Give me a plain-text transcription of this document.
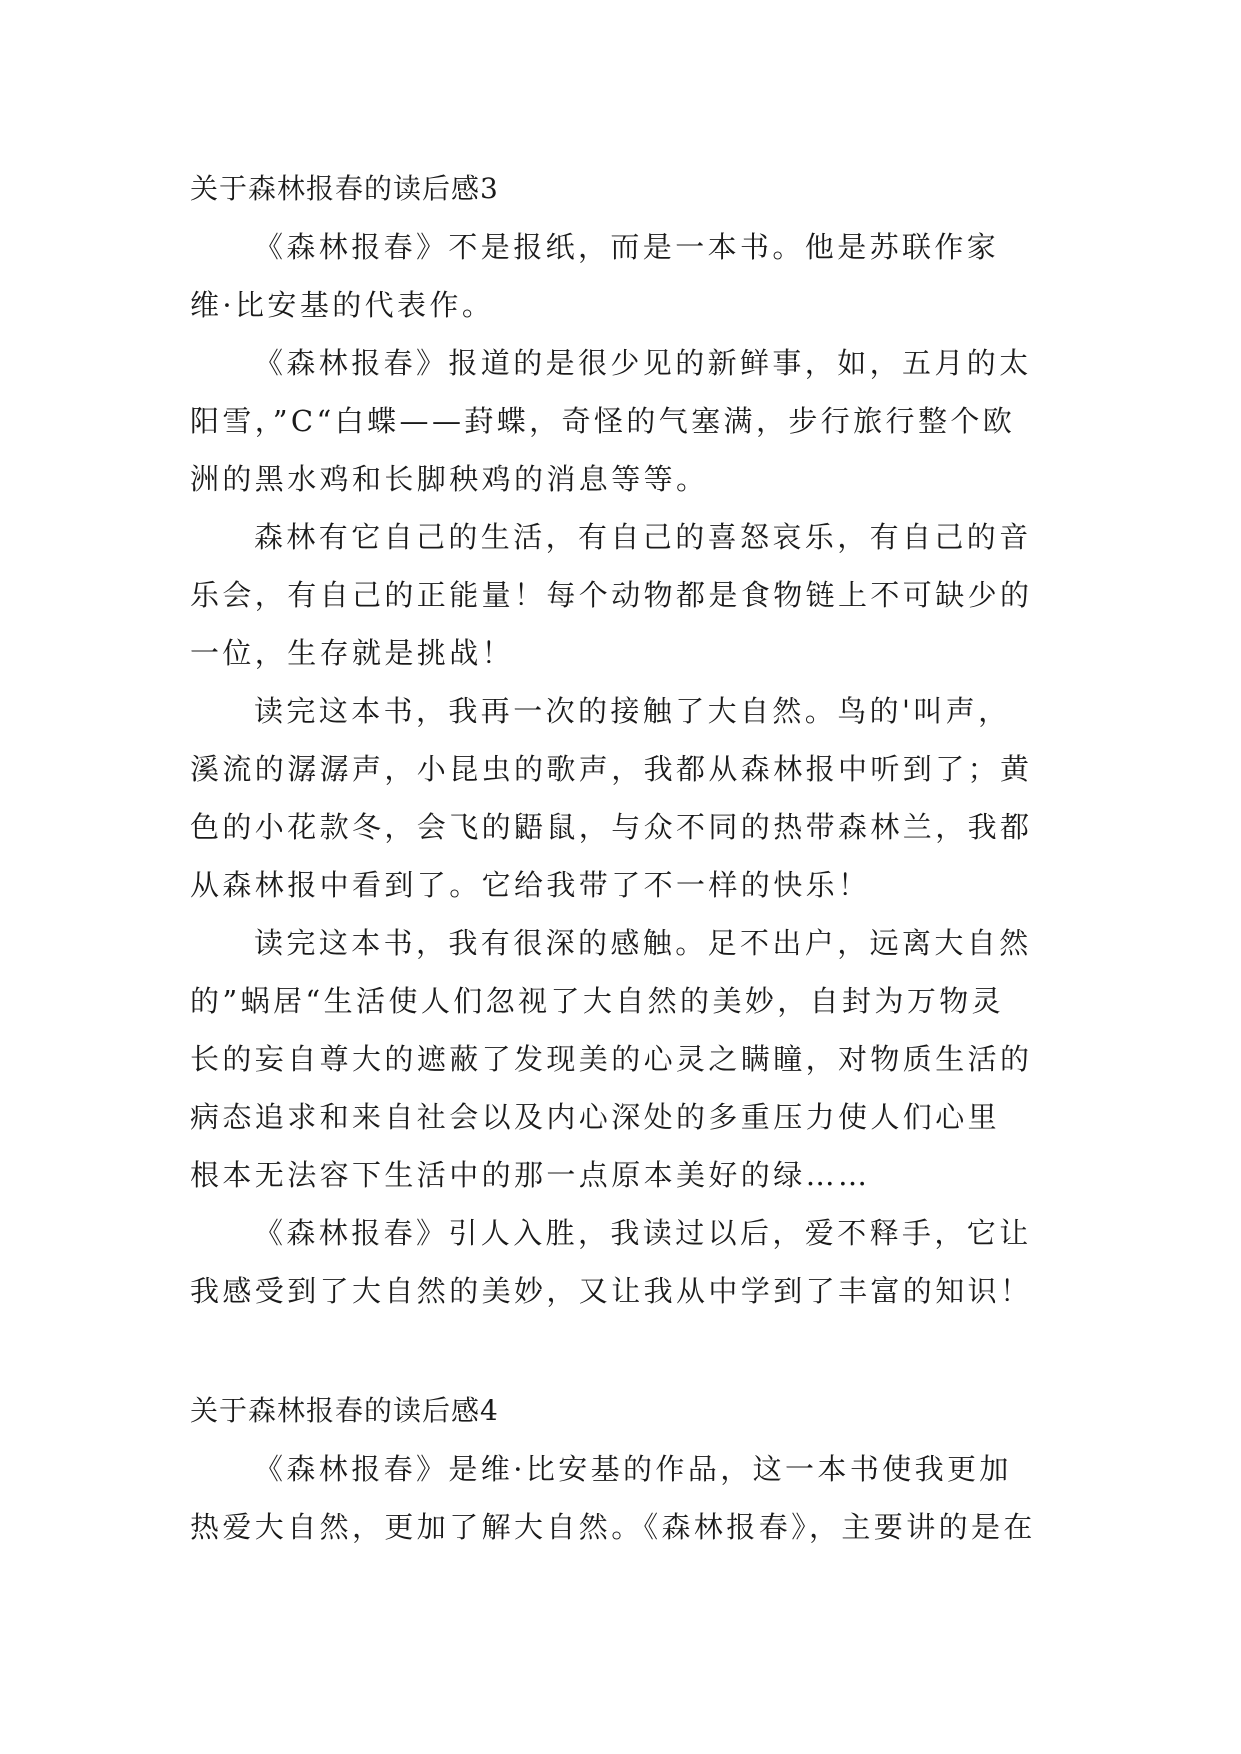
关于森林报春的读后感3
《森林报春》不是报纸，而是一本书。他是苏联作家
维·比安基的代表作。
《森林报春》报道的是很少见的新鲜事，如，五月的太
阳雪，”C“白蝶——葑蝶，奇怪的气塞满，步行旅行整个欧
洲的黑水鸡和长脚秧鸡的消息等等。
森林有它自己的生活，有自己的喜怒哀乐，有自己的音
乐会，有自己的正能量！每个动物都是食物链上不可缺少的
一位，生存就是挑战！
读完这本书，我再一次的接触了大自然。鸟的'叫声，
溪流的潺潺声，小昆虫的歌声，我都从森林报中听到了；黄
色的小花款冬，会飞的鼯鼠，与众不同的热带森林兰，我都
从森林报中看到了。它给我带了不一样的快乐！
读完这本书，我有很深的感触。足不出户，远离大自然
的”蜗居“生活使人们忽视了大自然的美妙，自封为万物灵
长的妄自尊大的遮蔽了发现美的心灵之瞒瞳，对物质生活的
病态追求和来自社会以及内心深处的多重压力使人们心里
根本无法容下生活中的那一点原本美好的绿……
《森林报春》引人入胜，我读过以后，爱不释手，它让
我感受到了大自然的美妙，又让我从中学到了丰富的知识！
关于森林报春的读后感4
《森林报春》是维·比安基的作品，这一本书使我更加
热爱大自然，更加了解大自然。《森林报春》，主要讲的是在
